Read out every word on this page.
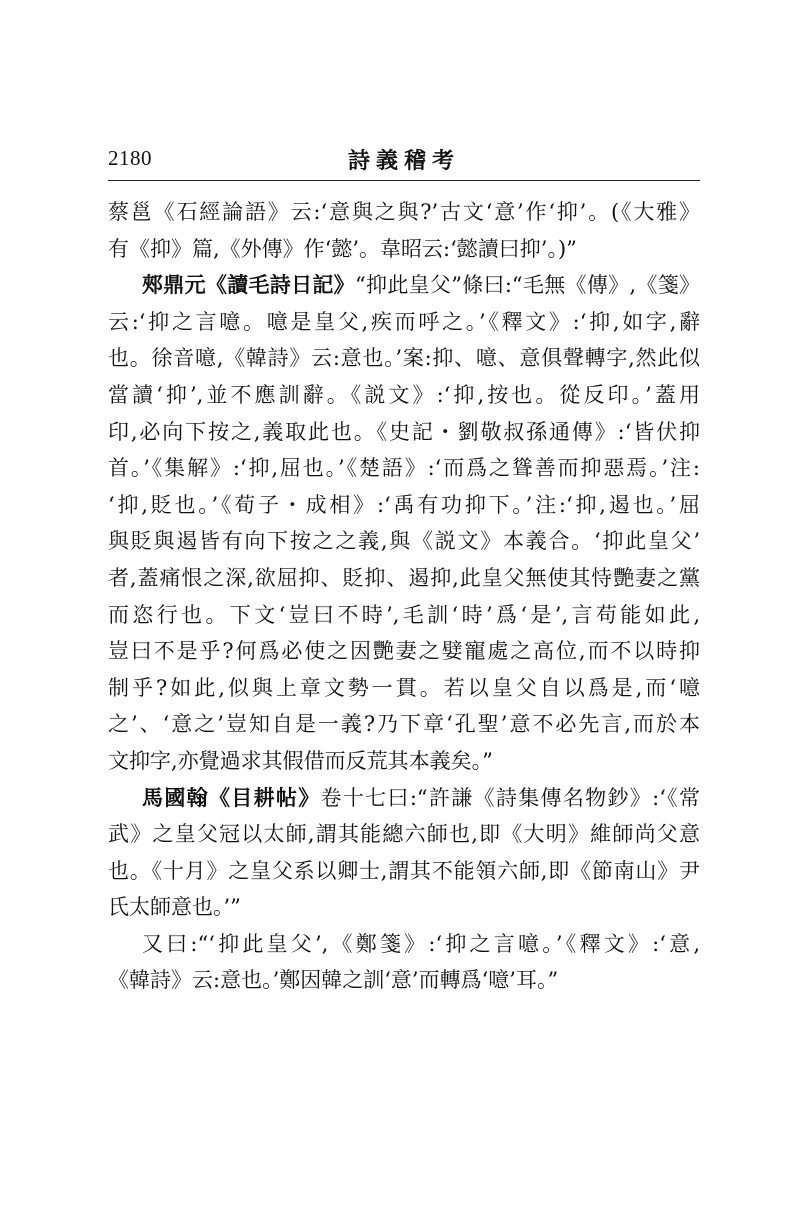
2180	詩義稽考
蔡邕《石經論語》云:‘意與之與?’古文‘意’作‘抑’。(《大雅》
有《抑》篇,《外傳》作‘懿’。韋昭云:‘懿讀曰抑’。)”
郟鼎元《讀毛詩日記》“抑此皇父”條曰:“毛無《傳》,《箋》
云:‘抑之言噫。噫是皇父,疾而呼之。’《釋文》:‘抑,如字,辭
也。徐音噫,《韓詩》云:意也。’案:抑、噫、意俱聲轉字,然此似
當讀‘抑’,並不應訓辭。《説文》:‘抑,按也。從反印。’蓋用
印,必向下按之,義取此也。《史記・劉敬叔孫通傳》:‘皆伏抑
首。’《集解》:‘抑,屈也。’《楚語》:‘而爲之聳善而抑惡焉。’注:
‘抑,貶也。’《荀子・成相》:‘禹有功抑下。’注:‘抑,遏也。’屈
與貶與遏皆有向下按之之義,與《説文》本義合。‘抑此皇父’
者,蓋痛恨之深,欲屈抑、貶抑、遏抑,此皇父無使其恃艷妻之黨
而恣行也。下文‘豈曰不時’,毛訓‘時’爲‘是’,言苟能如此,
豈曰不是乎?何爲必使之因艷妻之嬖寵處之高位,而不以時抑
制乎?如此,似與上章文勢一貫。若以皇父自以爲是,而‘噫
之’、‘意之’豈知自是一義?乃下章‘孔聖’意不必先言,而於本
文抑字,亦覺過求其假借而反荒其本義矣。”
馬國翰《目耕帖》卷十七曰:“許謙《詩集傳名物鈔》:‘《常
武》之皇父冠以太師,謂其能總六師也,即《大明》維師尚父意
也。《十月》之皇父系以卿士,謂其不能領六師,即《節南山》尹
氏太師意也。’”
又曰:“‘抑此皇父’,《鄭箋》:‘抑之言噫。’《釋文》:‘意,
《韓詩》云:意也。’鄭因韓之訓‘意’而轉爲‘噫’耳。”
